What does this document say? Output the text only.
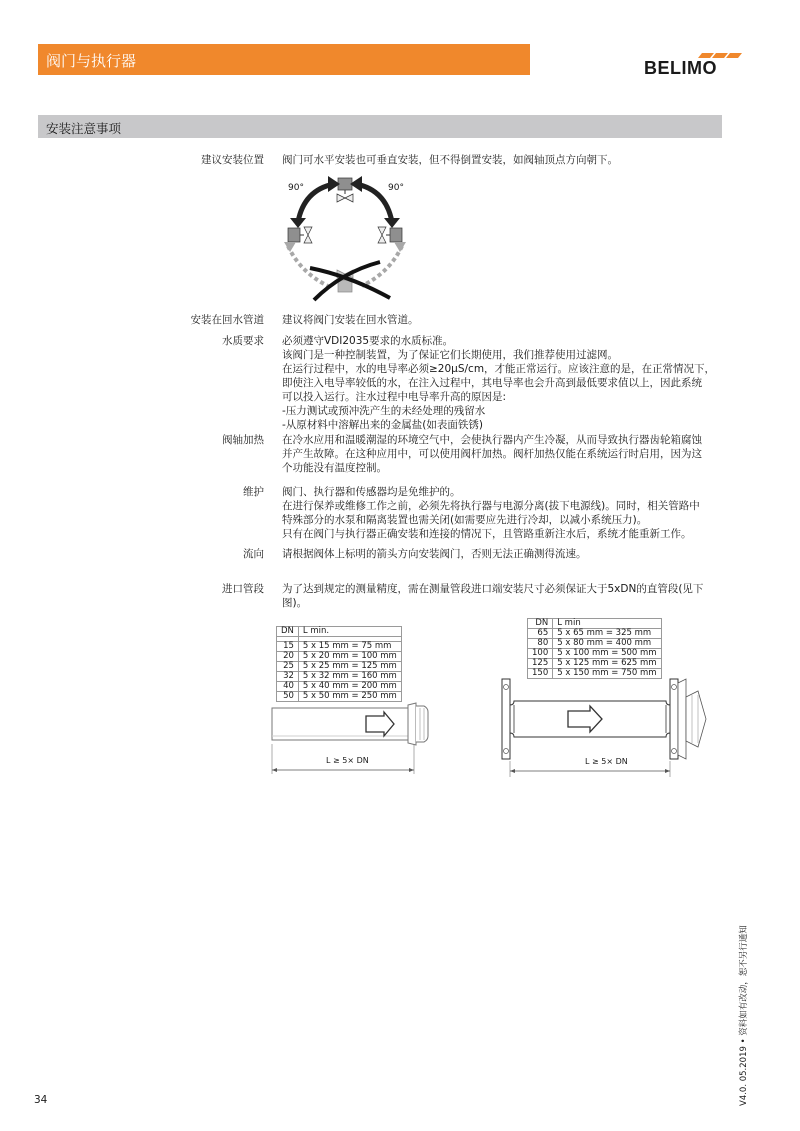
阀门与执行器	BELIMO
安装注意事项
建议安装位置 阀门可水平安装也可垂直安装，但不得倒置安装，如阀轴顶点方向朝下。

90°	90°
安装在回水管道 建议将阀门安装在回水管道。

水质要求 必须遵守VDI2035要求的水质标准。

该阀门是一种控制装置，为了保证它们长期使用，我们推荐使用过滤网。

在运行过程中，水的电导率必须≥20µS/cm，才能正常运行。应该注意的是，在正常情况下，

即使注入电导率较低的水，在注入过程中，其电导率也会升高到最低要求值以上，因此系统

可以投入运行。注水过程中电导率升高的原因是:

-压力测试或预冲洗产生的未经处理的残留水

-从原材料中溶解出来的金属盐(如表面铁锈)

阀轴加热 在冷水应用和温暖潮湿的环境空气中，会使执行器内产生冷凝，从而导致执行器齿轮箱腐蚀

并产生故障。在这种应用中，可以使用阀杆加热。阀杆加热仅能在系统运行时启用，因为这

个功能没有温度控制。

维护 阀门、执行器和传感器均是免维护的。

在进行保养或维修工作之前，必须先将执行器与电源分离(拔下电源线)。同时，相关管路中

特殊部分的水泵和隔离装置也需关闭(如需要应先进行冷却，以减小系统压力)。

只有在阀门与执行器正确安装和连接的情况下，且管路重新注水后，系统才能重新工作。

流向 请根据阀体上标明的箭头方向安装阀门，否则无法正确测得流速。

进口管段 为了达到规定的测量精度，需在测量管段进口端安装尺寸必须保证大于5xDN的直管段(见下

图)。

DN	L min.

15	5 x 15 mm = 75 mm
20	5 x 20 mm = 100 mm
25	5 x 25 mm = 125 mm
32	5 x 32 mm = 160 mm
40	5 x 40 mm = 200 mm
50	5 x 50 mm = 250 mm
L ≥ 5× DN
DN	L min
65	5 x 65 mm = 325 mm
80	5 x 80 mm = 400 mm
100	5 x 100 mm = 500 mm
125	5 x 125 mm = 625 mm
150	5 x 150 mm = 750 mm
L ≥ 5× DN
34	V4.0. 05.2019 • 资料如有改动，恕不另行通知
